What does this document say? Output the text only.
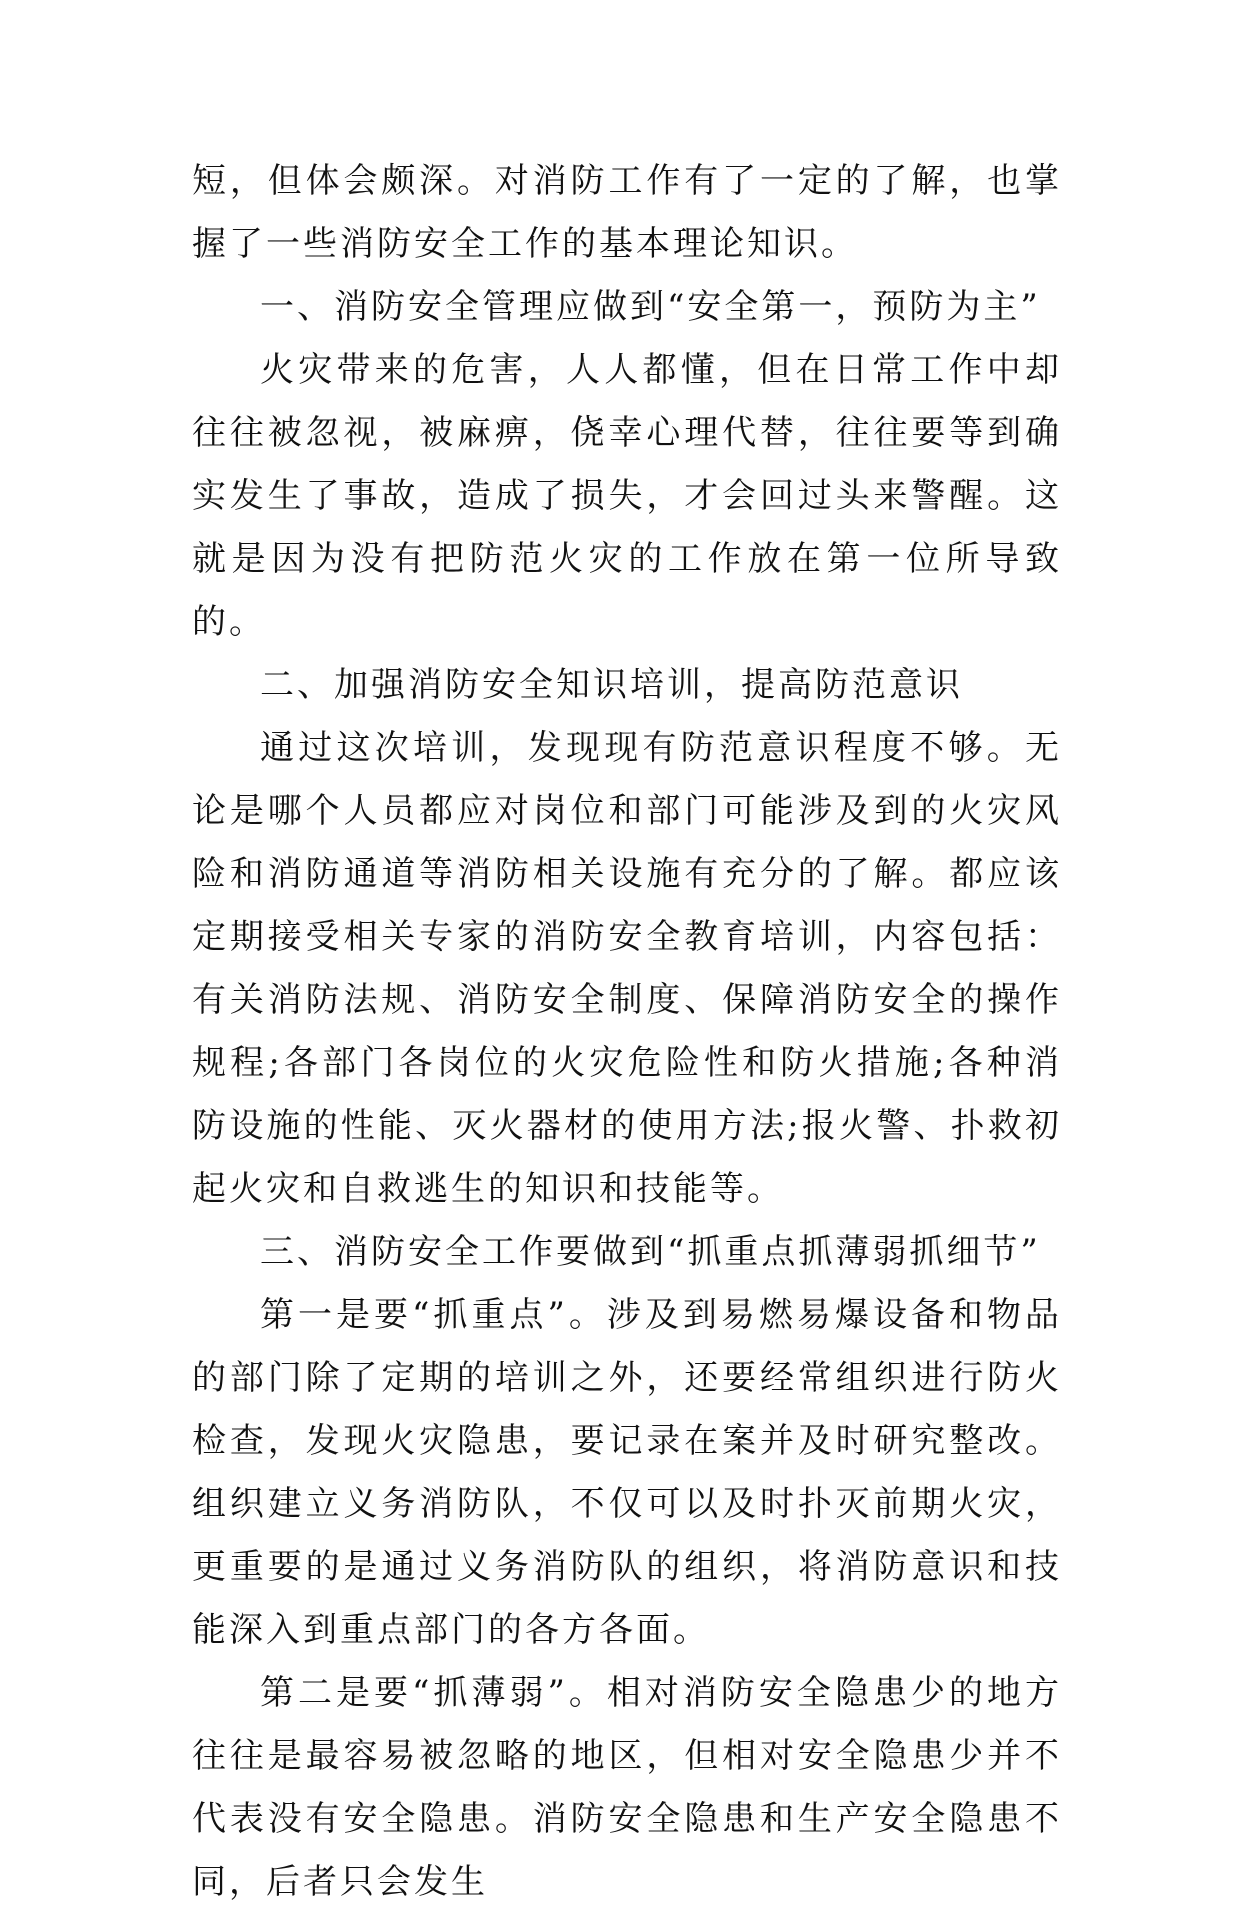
短，但体会颇深。对消防工作有了一定的了解，也掌握了一些消防安全工作的基本理论知识。

一、消防安全管理应做到“安全第一，预防为主”

火灾带来的危害，人人都懂，但在日常工作中却往往被忽视，被麻痹，侥幸心理代替，往往要等到确实发生了事故，造成了损失，才会回过头来警醒。这就是因为没有把防范火灾的工作放在第一位所导致的。

二、加强消防安全知识培训，提高防范意识

通过这次培训，发现现有防范意识程度不够。无论是哪个人员都应对岗位和部门可能涉及到的火灾风险和消防通道等消防相关设施有充分的了解。都应该定期接受相关专家的消防安全教育培训，内容包括：有关消防法规、消防安全制度、保障消防安全的操作规程;各部门各岗位的火灾危险性和防火措施;各种消防设施的性能、灭火器材的使用方法;报火警、扑救初起火灾和自救逃生的知识和技能等。

三、消防安全工作要做到“抓重点抓薄弱抓细节”

第一是要“抓重点”。涉及到易燃易爆设备和物品的部门除了定期的培训之外，还要经常组织进行防火检查，发现火灾隐患，要记录在案并及时研究整改。组织建立义务消防队，不仅可以及时扑灭前期火灾，更重要的是通过义务消防队的组织，将消防意识和技能深入到重点部门的各方各面。

第二是要“抓薄弱”。相对消防安全隐患少的地方往往是最容易被忽略的地区，但相对安全隐患少并不代表没有安全隐患。消防安全隐患和生产安全隐患不同，后者只会发生
